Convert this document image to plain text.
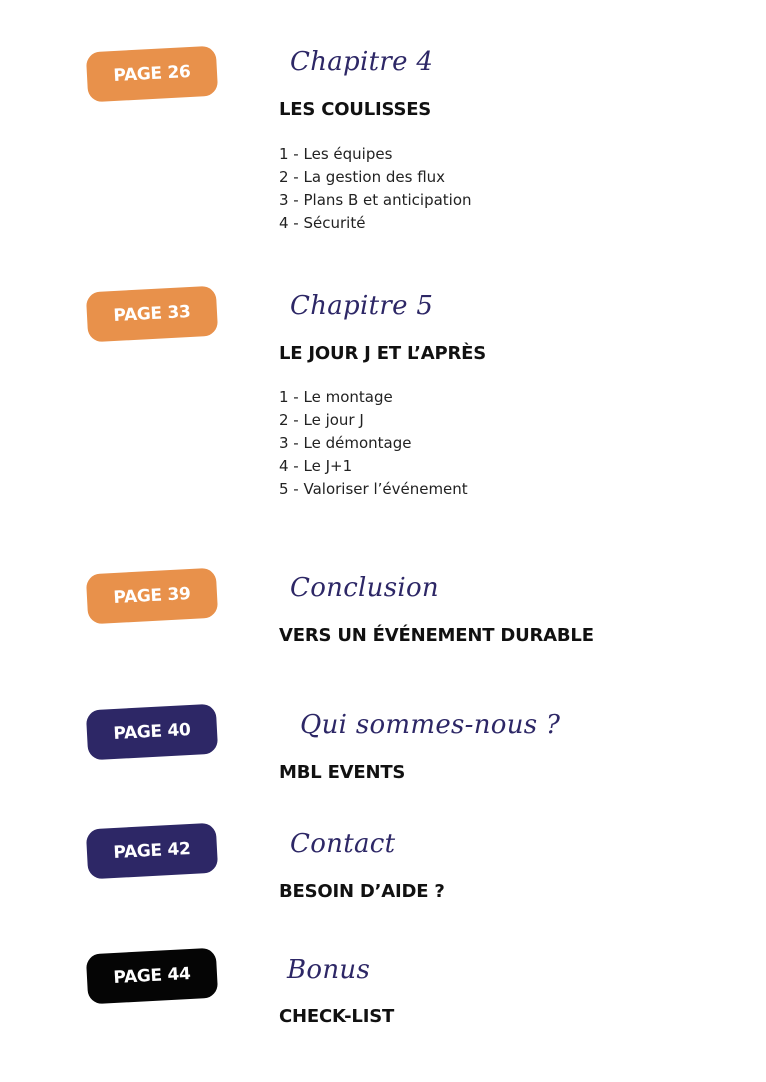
PAGE 26	Chapitre 4
LES COULISSES
1 - Les équipes
2 - La gestion des flux
3 - Plans B et anticipation
4 - Sécurité
PAGE 33	Chapitre 5
LE JOUR J ET L’APRÈS
1 - Le montage
2 - Le jour J
3 - Le démontage
4 - Le J+1
5 - Valoriser l’événement
PAGE 39	Conclusion
VERS UN ÉVÉNEMENT DURABLE
PAGE 40	Qui sommes-nous ?
MBL EVENTS
PAGE 42	Contact
BESOIN D’AIDE ?
PAGE 44	Bonus
CHECK-LIST
